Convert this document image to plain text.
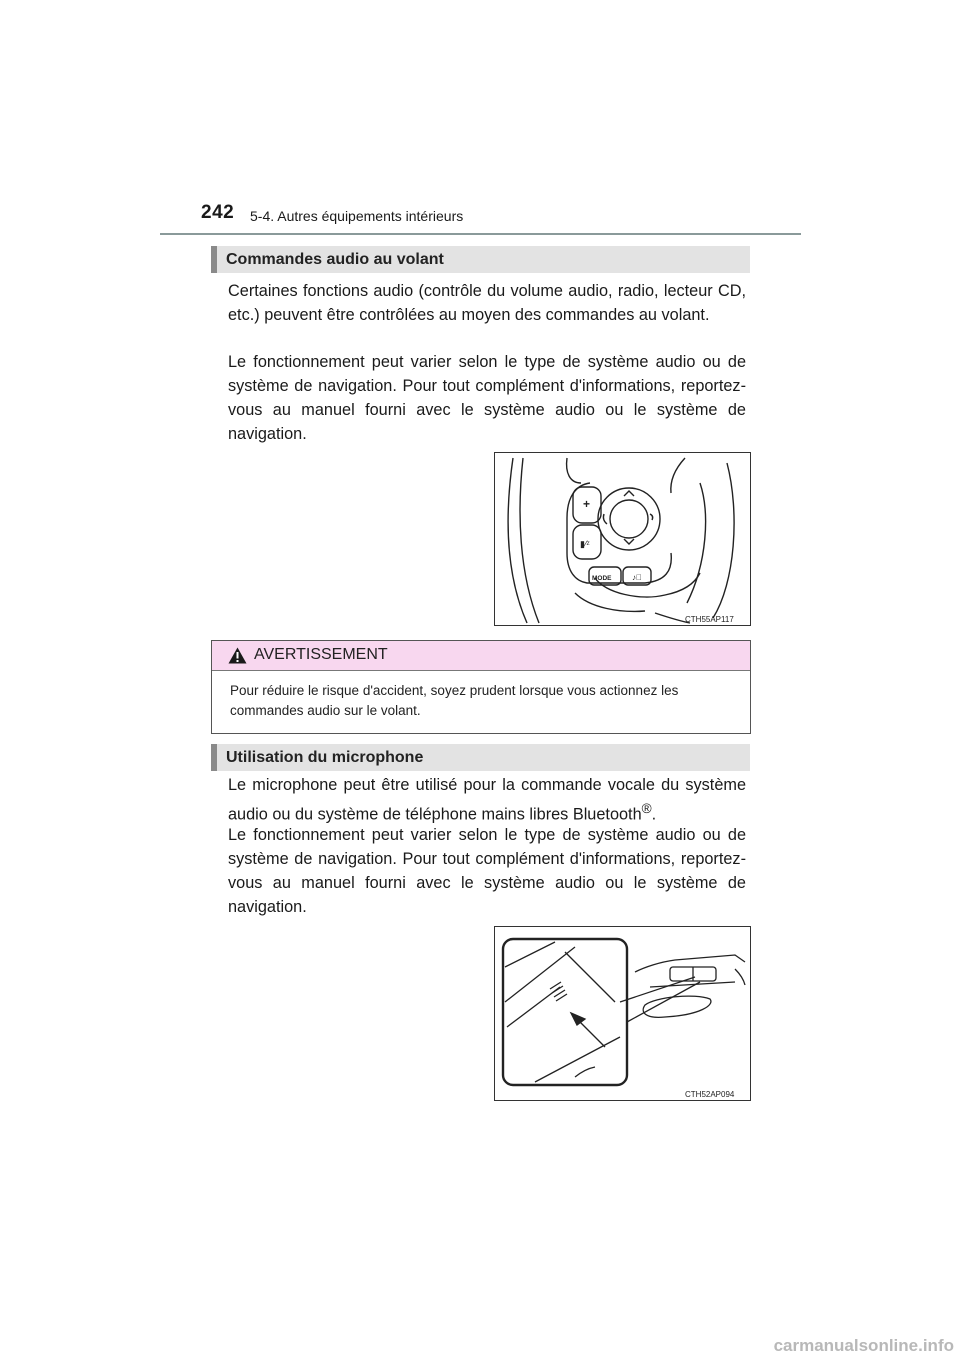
242 5-4. Autres équipements intérieurs
Commandes audio au volant

Certaines fonctions audio (contrôle du volume audio, radio, lecteur CD, etc.) peuvent être contrôlées au moyen des commandes au volant.

Le fonctionnement peut varier selon le type de système audio ou de système de navigation. Pour tout complément d'informations, reportez-vous au manuel fourni avec le système audio ou le système de navigation.

+
▮⁄ᶻ
MODE	♪⃕
CTH55AP117
AVERTISSEMENT

Pour réduire le risque d'accident, soyez prudent lorsque vous actionnez les commandes audio sur le volant.

Utilisation du microphone

Le microphone peut être utilisé pour la commande vocale du système audio ou du système de téléphone mains libres Bluetooth®.

Le fonctionnement peut varier selon le type de système audio ou de système de navigation. Pour tout complément d'informations, reportez-vous au manuel fourni avec le système audio ou le système de navigation.

CTH52AP094
carmanualsonline.info
